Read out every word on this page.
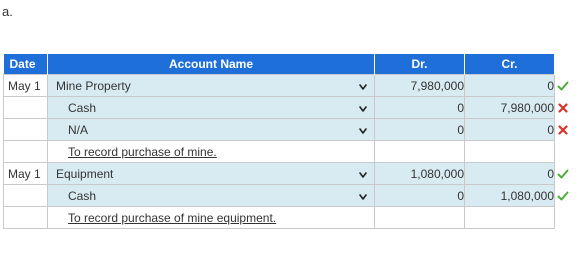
a.
Date	Account Name	Dr.	Cr.
May 1	Mine Property	7,980,000	0

	Cash	0	7,980,000

	N/A	0	0
	To record purchase of mine.		
May 1	Equipment	1,080,000	0

	Cash	0	1,080,000
	To record purchase of mine equipment.		
